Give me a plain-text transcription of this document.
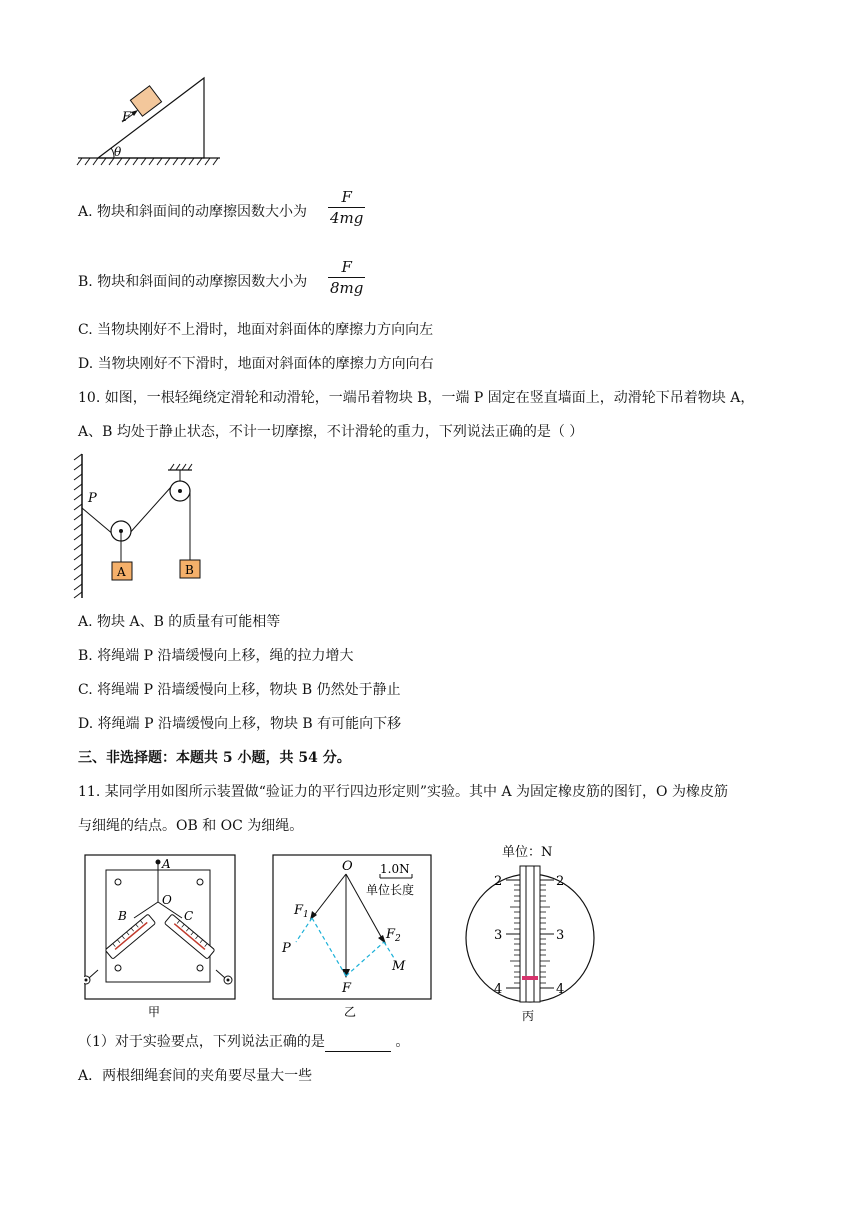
F
θ
A. 物块和斜面间的动摩擦因数大小为
F
4mg
B. 物块和斜面间的动摩擦因数大小为
F
8mg
C. 当物块刚好不上滑时，地面对斜面体的摩擦力方向向左
D. 当物块刚好不下滑时，地面对斜面体的摩擦力方向向右
10. 如图，一根轻绳绕定滑轮和动滑轮，一端吊着物块 B，一端 P 固定在竖直墙面上，动滑轮下吊着物块 A，
A、B 均处于静止状态，不计一切摩擦，不计滑轮的重力，下列说法正确的是（ ）
P
A	B
A. 物块 A、B 的质量有可能相等
B. 将绳端 P 沿墙缓慢向上移，绳的拉力增大
C. 将绳端 P 沿墙缓慢向上移，物块 B 仍然处于静止
D. 将绳端 P 沿墙缓慢向上移，物块 B 有可能向下移
三、非选择题：本题共 5 小题，共 54 分。
11. 某同学用如图所示装置做“验证力的平行四边形定则”实验。其中 A 为固定橡皮筋的图钉，O 为橡皮筋
与细绳的结点。OB 和 OC 为细绳。
A
O
B	C
甲
O 1.0N
单位长度
$F_1$
$F_2$
F
P
M
乙
单位：N
2	2
3	3
4	4
丙
（1）对于实验要点，下列说法正确的是	。
A．两根细绳套间的夹角要尽量大一些
